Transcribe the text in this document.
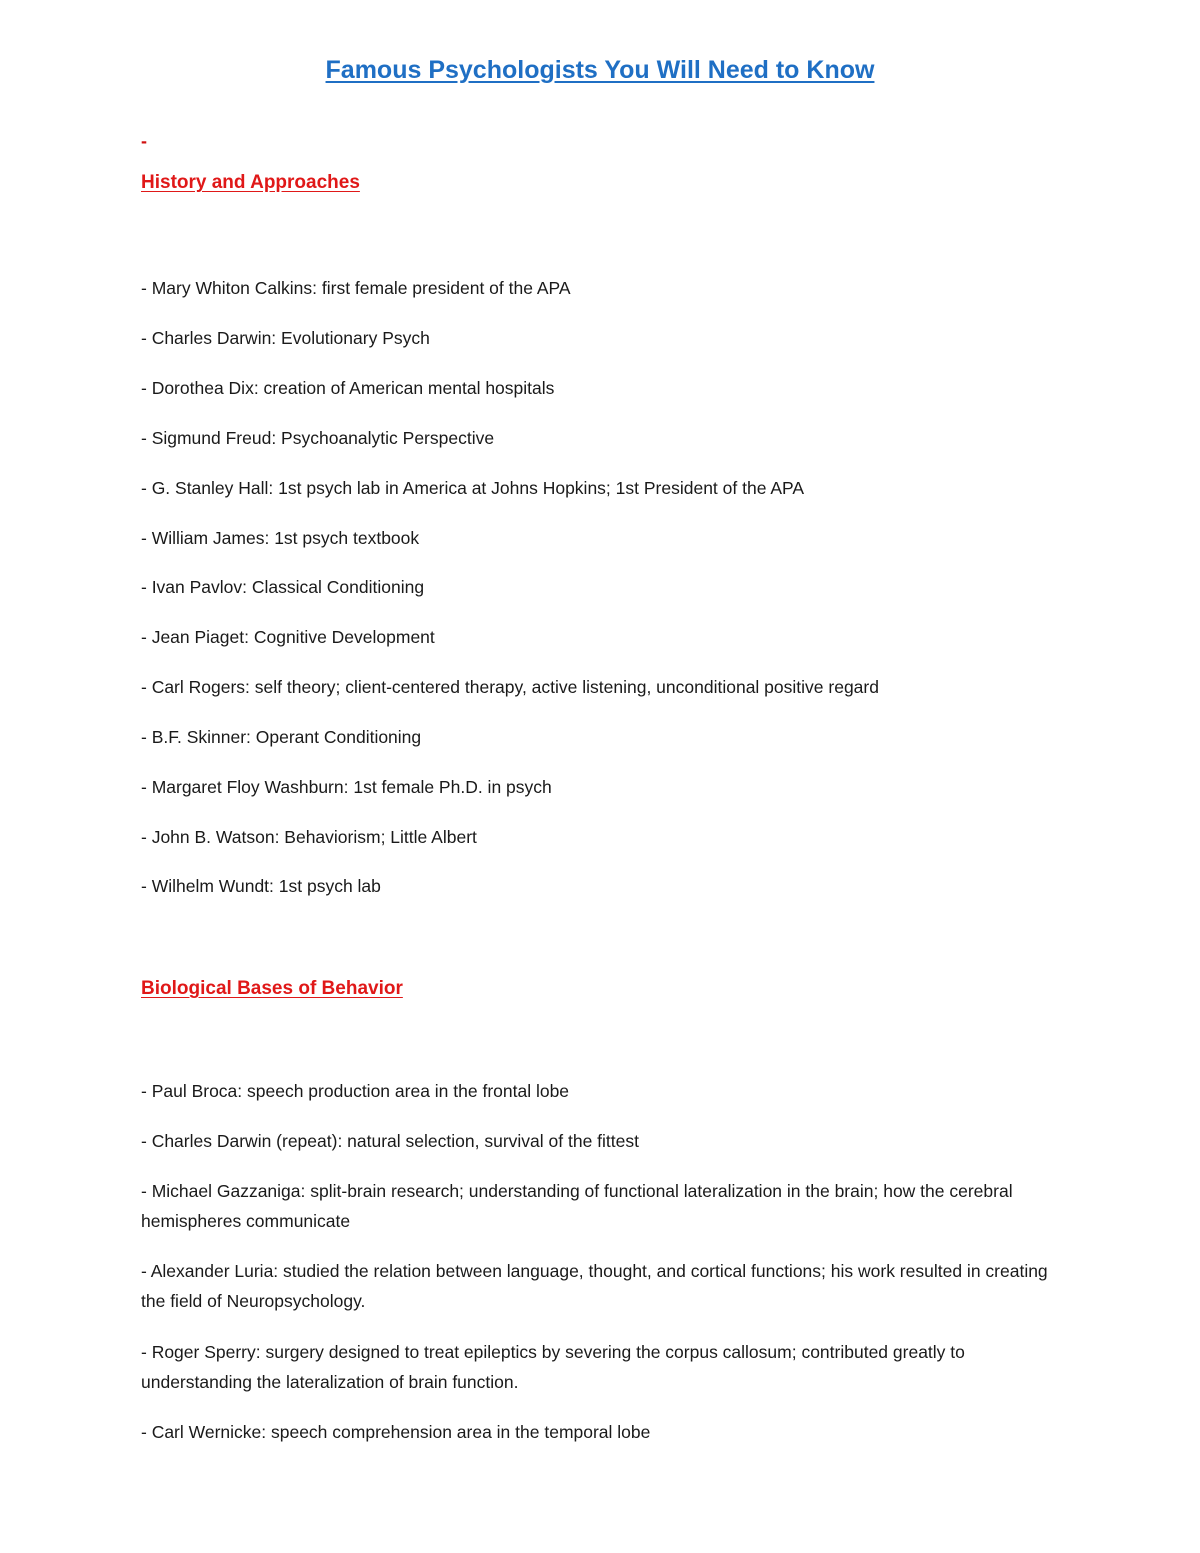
Famous Psychologists You Will Need to Know
-
History and Approaches
- Mary Whiton Calkins: first female president of the APA
- Charles Darwin: Evolutionary Psych
- Dorothea Dix: creation of American mental hospitals
- Sigmund Freud: Psychoanalytic Perspective
- G. Stanley Hall: 1st psych lab in America at Johns Hopkins; 1st President of the APA
- William James: 1st psych textbook
- Ivan Pavlov: Classical Conditioning
- Jean Piaget: Cognitive Development
- Carl Rogers: self theory; client-centered therapy, active listening, unconditional positive regard
- B.F. Skinner: Operant Conditioning
- Margaret Floy Washburn: 1st female Ph.D. in psych
- John B. Watson: Behaviorism; Little Albert
- Wilhelm Wundt: 1st psych lab
Biological Bases of Behavior
- Paul Broca: speech production area in the frontal lobe
- Charles Darwin (repeat): natural selection, survival of the fittest
- Michael Gazzaniga: split-brain research; understanding of functional lateralization in the brain; how the cerebral hemispheres communicate
- Alexander Luria: studied the relation between language, thought, and cortical functions; his work resulted in creating the field of Neuropsychology.
- Roger Sperry: surgery designed to treat epileptics by severing the corpus callosum; contributed greatly to understanding the lateralization of brain function.
- Carl Wernicke: speech comprehension area in the temporal lobe
